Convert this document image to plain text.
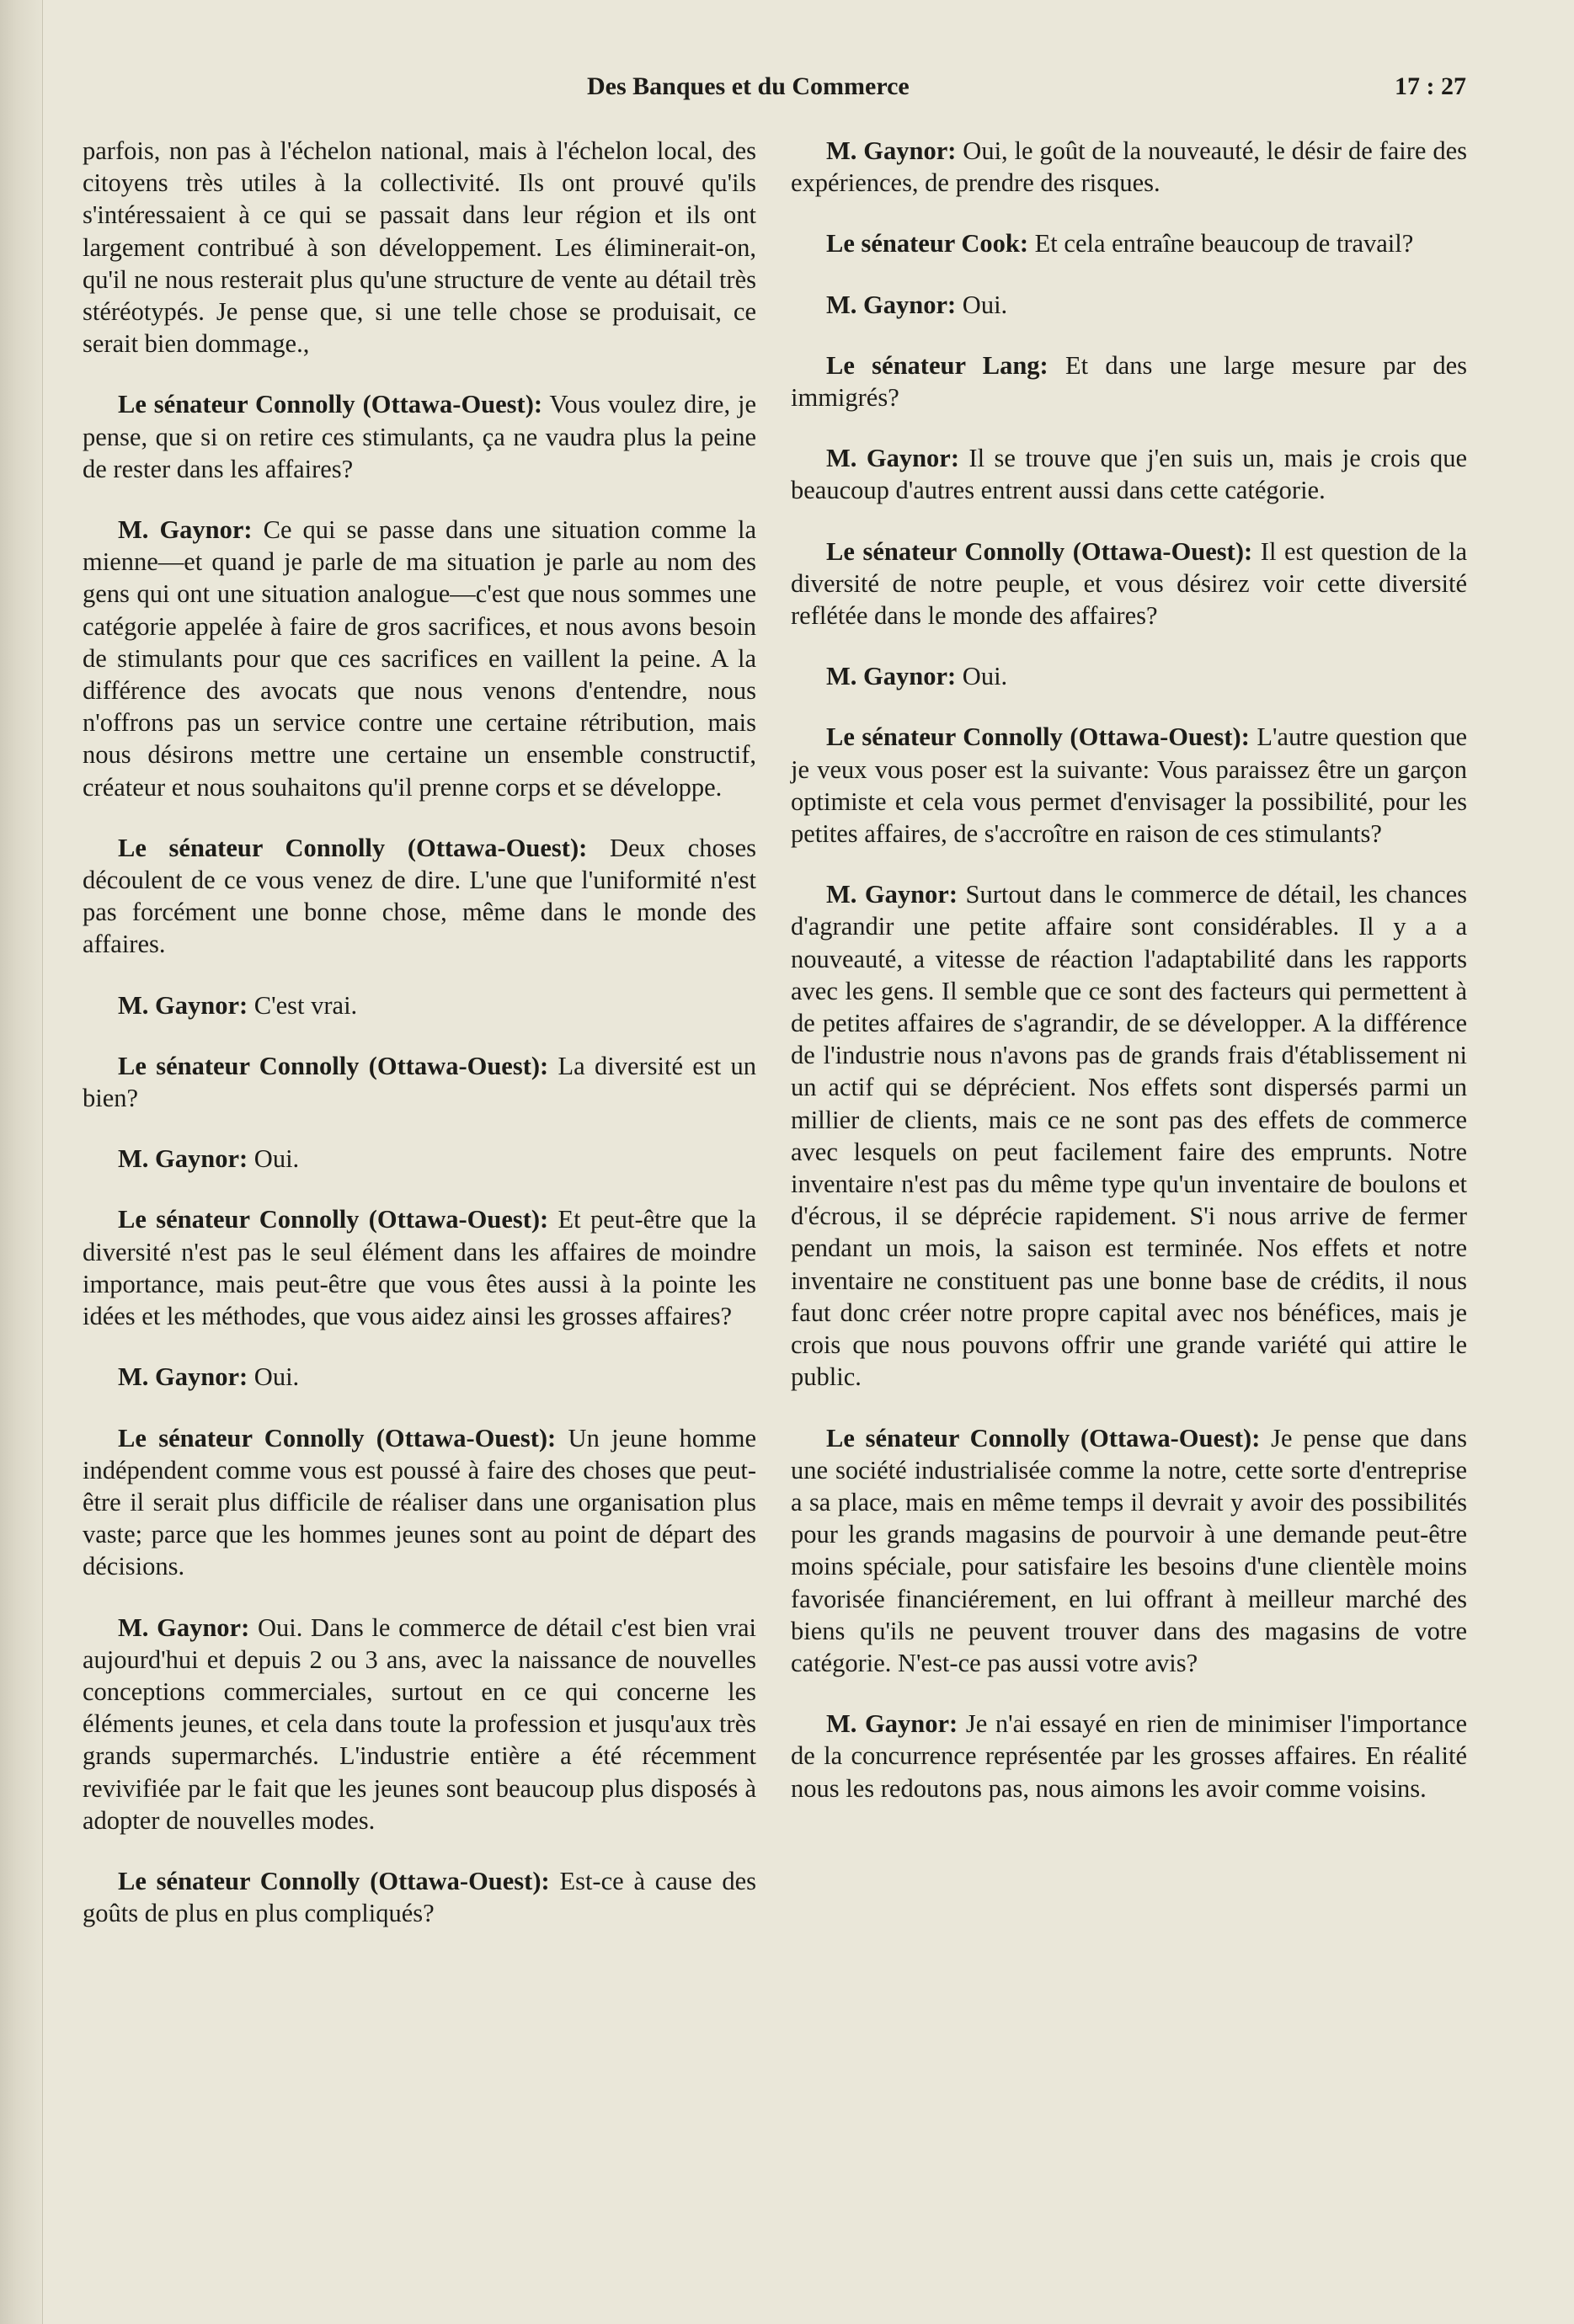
Des Banques et du Commerce	17 : 27

parfois, non pas à l'échelon national, mais à l'échelon local, des citoyens très utiles à la collectivité. Ils ont prouvé qu'ils s'intéressaient à ce qui se passait dans leur région et ils ont largement contribué à son développement. Les éliminerait-on, qu'il ne nous resterait plus qu'une structure de vente au détail très stéréotypés. Je pense que, si une telle chose se produisait, ce serait bien dommage.,

Le sénateur Connolly (Ottawa-Ouest): Vous voulez dire, je pense, que si on retire ces stimulants, ça ne vaudra plus la peine de rester dans les affaires?

M. Gaynor: Ce qui se passe dans une situation comme la mienne—et quand je parle de ma situation je parle au nom des gens qui ont une situation analogue—c'est que nous sommes une catégorie appelée à faire de gros sacrifices, et nous avons besoin de stimulants pour que ces sacrifices en vaillent la peine. A la différence des avocats que nous venons d'entendre, nous n'offrons pas un service contre une certaine rétribution, mais nous désirons mettre une certaine un ensemble constructif, créateur et nous souhaitons qu'il prenne corps et se développe.

Le sénateur Connolly (Ottawa-Ouest): Deux choses découlent de ce vous venez de dire. L'une que l'uniformité n'est pas forcément une bonne chose, même dans le monde des affaires.

M. Gaynor: C'est vrai.

Le sénateur Connolly (Ottawa-Ouest): La diversité est un bien?

M. Gaynor: Oui.

Le sénateur Connolly (Ottawa-Ouest): Et peut-être que la diversité n'est pas le seul élément dans les affaires de moindre importance, mais peut-être que vous êtes aussi à la pointe les idées et les méthodes, que vous aidez ainsi les grosses affaires?

M. Gaynor: Oui.

Le sénateur Connolly (Ottawa-Ouest): Un jeune homme indépendent comme vous est poussé à faire des choses que peut-être il serait plus difficile de réaliser dans une organisation plus vaste; parce que les hommes jeunes sont au point de départ des décisions.

M. Gaynor: Oui. Dans le commerce de détail c'est bien vrai aujourd'hui et depuis 2 ou 3 ans, avec la naissance de nouvelles conceptions commerciales, surtout en ce qui concerne les éléments jeunes, et cela dans toute la profession et jusqu'aux très grands supermarchés. L'industrie entière a été récemment revivifiée par le fait que les jeunes sont beaucoup plus disposés à adopter de nouvelles modes.

Le sénateur Connolly (Ottawa-Ouest): Est-ce à cause des goûts de plus en plus compliqués?

M. Gaynor: Oui, le goût de la nouveauté, le désir de faire des expériences, de prendre des risques.

Le sénateur Cook: Et cela entraîne beaucoup de travail?

M. Gaynor: Oui.

Le sénateur Lang: Et dans une large mesure par des immigrés?

M. Gaynor: Il se trouve que j'en suis un, mais je crois que beaucoup d'autres entrent aussi dans cette catégorie.

Le sénateur Connolly (Ottawa-Ouest): Il est question de la diversité de notre peuple, et vous désirez voir cette diversité reflétée dans le monde des affaires?

M. Gaynor: Oui.

Le sénateur Connolly (Ottawa-Ouest): L'autre question que je veux vous poser est la suivante: Vous paraissez être un garçon optimiste et cela vous permet d'envisager la possibilité, pour les petites affaires, de s'accroître en raison de ces stimulants?

M. Gaynor: Surtout dans le commerce de détail, les chances d'agrandir une petite affaire sont considérables. Il y a a nouveauté, a vitesse de réaction l'adaptabilité dans les rapports avec les gens. Il semble que ce sont des facteurs qui permettent à de petites affaires de s'agrandir, de se développer. A la différence de l'industrie nous n'avons pas de grands frais d'établissement ni un actif qui se déprécient. Nos effets sont dispersés parmi un millier de clients, mais ce ne sont pas des effets de commerce avec lesquels on peut facilement faire des emprunts. Notre inventaire n'est pas du même type qu'un inventaire de boulons et d'écrous, il se déprécie rapidement. S'i nous arrive de fermer pendant un mois, la saison est terminée. Nos effets et notre inventaire ne constituent pas une bonne base de crédits, il nous faut donc créer notre propre capital avec nos bénéfices, mais je crois que nous pouvons offrir une grande variété qui attire le public.

Le sénateur Connolly (Ottawa-Ouest): Je pense que dans une société industrialisée comme la notre, cette sorte d'entreprise a sa place, mais en même temps il devrait y avoir des possibilités pour les grands magasins de pourvoir à une demande peut-être moins spéciale, pour satisfaire les besoins d'une clientèle moins favorisée financiérement, en lui offrant à meilleur marché des biens qu'ils ne peuvent trouver dans des magasins de votre catégorie. N'est-ce pas aussi votre avis?

M. Gaynor: Je n'ai essayé en rien de minimiser l'importance de la concurrence représentée par les grosses affaires. En réalité nous les redoutons pas, nous aimons les avoir comme voisins.
